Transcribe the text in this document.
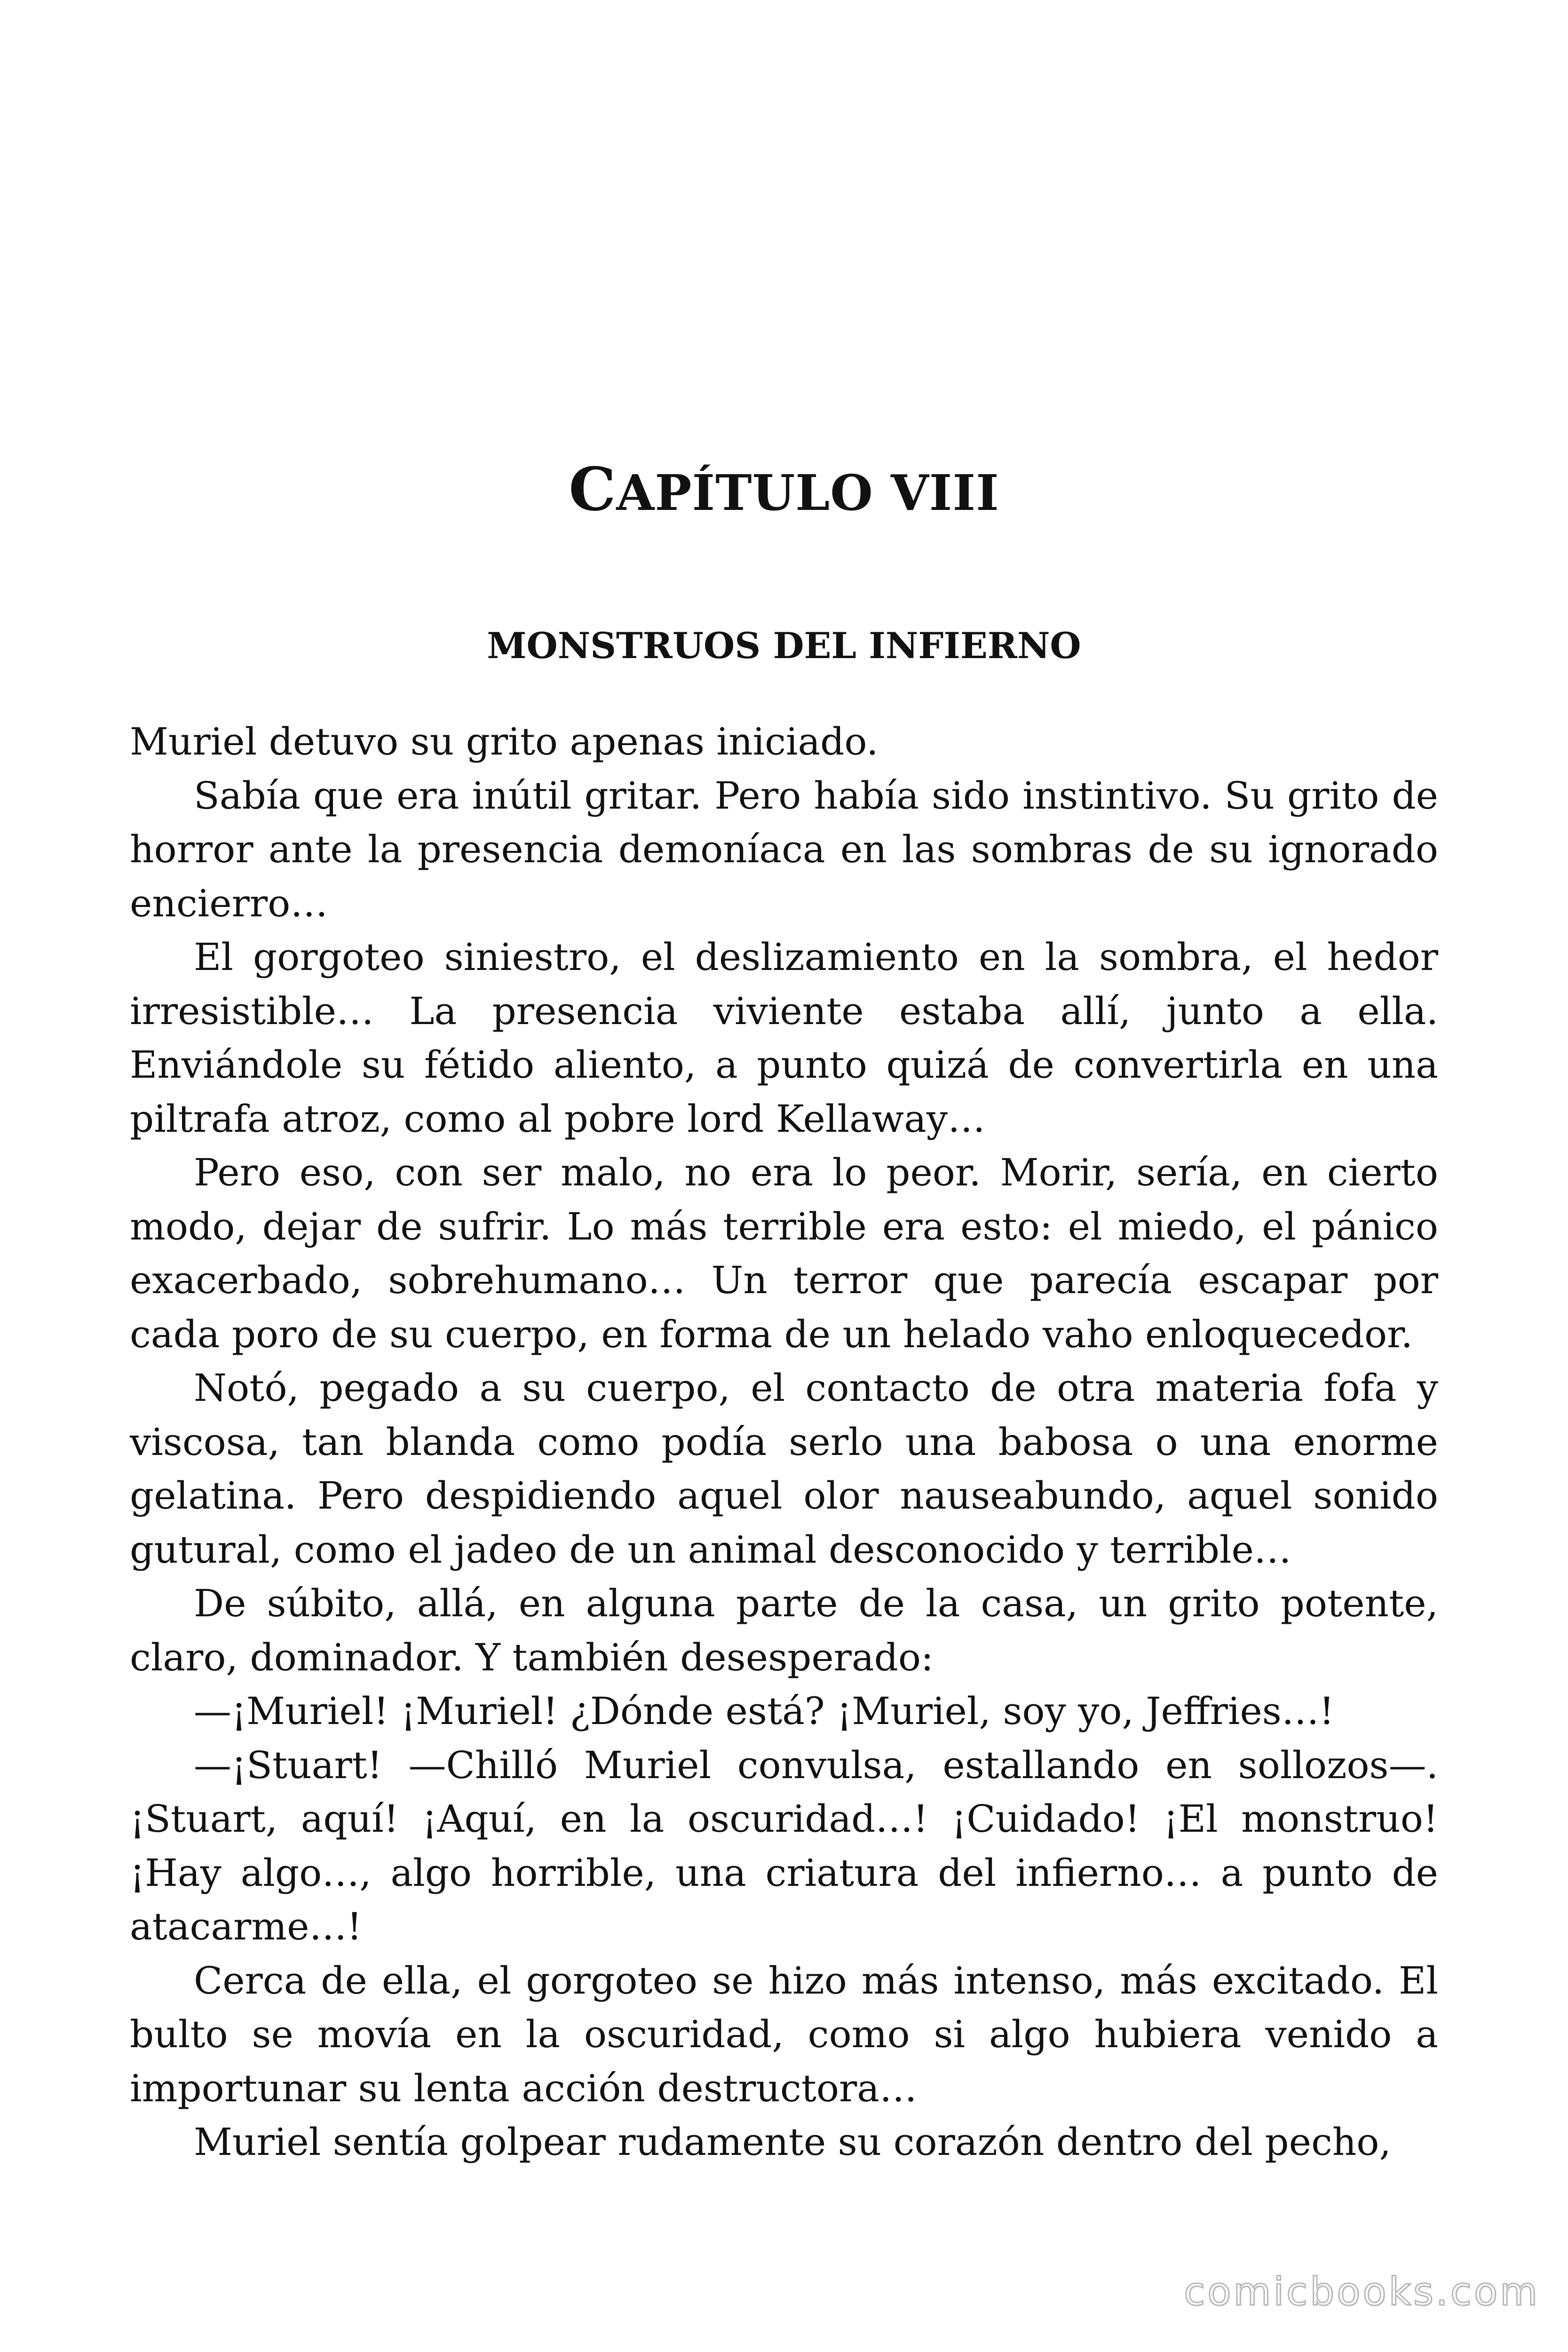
CAPÍTULO VIII
MONSTRUOS DEL INFIERNO

Muriel detuvo su grito apenas iniciado.

Sabía que era inútil gritar. Pero había sido instintivo. Su grito de horror ante la presencia demoníaca en las sombras de su ignorado encierro…

El gorgoteo siniestro, el deslizamiento en la sombra, el hedor irresistible… La presencia viviente estaba allí, junto a ella. Enviándole su fétido aliento, a punto quizá de convertirla en una piltrafa atroz, como al pobre lord Kellaway…

Pero eso, con ser malo, no era lo peor. Morir, sería, en cierto modo, dejar de sufrir. Lo más terrible era esto: el miedo, el pánico exacerbado, sobrehumano… Un terror que parecía escapar por cada poro de su cuerpo, en forma de un helado vaho enloquecedor.

Notó, pegado a su cuerpo, el contacto de otra materia fofa y viscosa, tan blanda como podía serlo una babosa o una enorme gelatina. Pero despidiendo aquel olor nauseabundo, aquel sonido gutural, como el jadeo de un animal desconocido y terrible…

De súbito, allá, en alguna parte de la casa, un grito potente, claro, dominador. Y también desesperado:

—¡Muriel! ¡Muriel! ¿Dónde está? ¡Muriel, soy yo, Jeffries…!

—¡Stuart! —Chilló Muriel convulsa, estallando en sollozos—. ¡Stuart, aquí! ¡Aquí, en la oscuridad…! ¡Cuidado! ¡El monstruo! ¡Hay algo…, algo horrible, una criatura del infierno… a punto de atacarme…!

Cerca de ella, el gorgoteo se hizo más intenso, más excitado. El bulto se movía en la oscuridad, como si algo hubiera venido a importunar su lenta acción destructora…

Muriel sentía golpear rudamente su corazón dentro del pecho,

comicbooks.com
